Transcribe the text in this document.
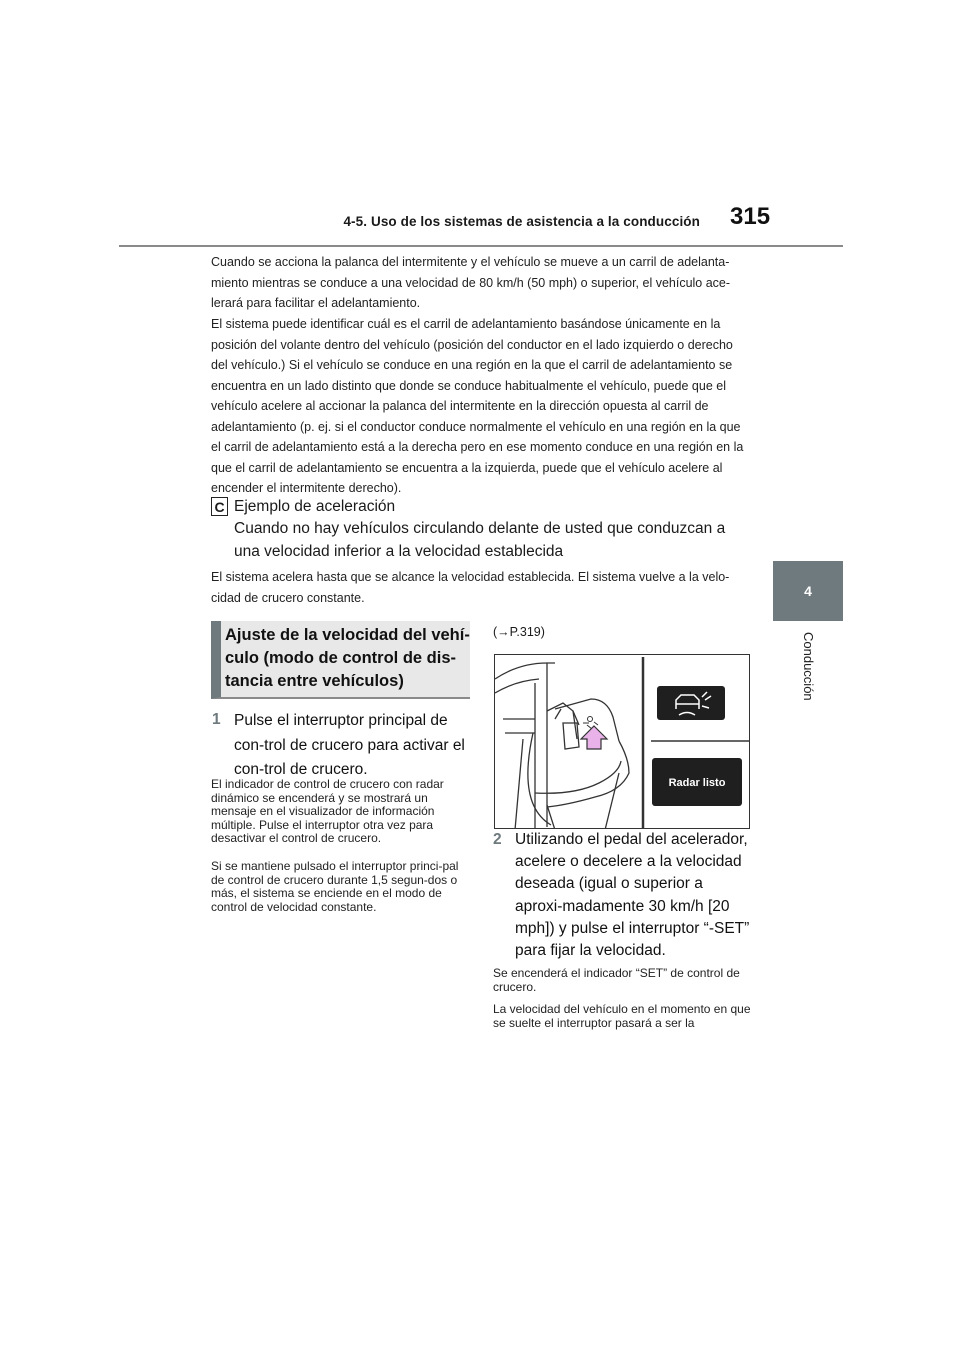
4-5. Uso de los sistemas de asistencia a la conducción 315
4
Conducción

Cuando se acciona la palanca del intermitente y el vehículo se mueve a un carril de adelanta-miento mientras se conduce a una velocidad de 80 km/h (50 mph) o superior, el vehículo ace-lerará para facilitar el adelantamiento.

El sistema puede identificar cuál es el carril de adelantamiento basándose únicamente en la posición del volante dentro del vehículo (posición del conductor en el lado izquierdo o derecho del vehículo.) Si el vehículo se conduce en una región en la que el carril de adelantamiento se encuentra en un lado distinto que donde se conduce habitualmente el vehículo, puede que el vehículo acelere al accionar la palanca del intermitente en la dirección opuesta al carril de adelantamiento (p. ej. si el conductor conduce normalmente el vehículo en una región en la que el carril de adelantamiento está a la derecha pero en ese momento conduce en una región en la que el carril de adelantamiento se encuentra a la izquierda, puede que el vehículo acelere al encender el intermitente derecho).

C Ejemplo de aceleración
Cuando no hay vehículos circulando delante de usted que conduzcan a una velocidad inferior a la velocidad establecida

El sistema acelera hasta que se alcance la velocidad establecida. El sistema vuelve a la velo-cidad de crucero constante.

Ajuste de la velocidad del vehí-culo (modo de control de dis-tancia entre vehículos)
1 Pulse el interruptor principal de con-trol de crucero para activar el con-trol de crucero.

El indicador de control de crucero con radar dinámico se encenderá y se mostrará un mensaje en el visualizador de información múltiple. Pulse el interruptor otra vez para desactivar el control de crucero.

Si se mantiene pulsado el interruptor princi-pal de control de crucero durante 1,5 segun-dos o más, el sistema se enciende en el modo de control de velocidad constante.

(→P.319)
Radar listo
2 Utilizando el pedal del acelerador, acelere o decelere a la velocidad deseada (igual o superior a aproxi-madamente 30 km/h [20 mph]) y pulse el interruptor “-SET” para fijar la velocidad.

Se encenderá el indicador “SET” de control de crucero.

La velocidad del vehículo en el momento en que se suelte el interruptor pasará a ser la
